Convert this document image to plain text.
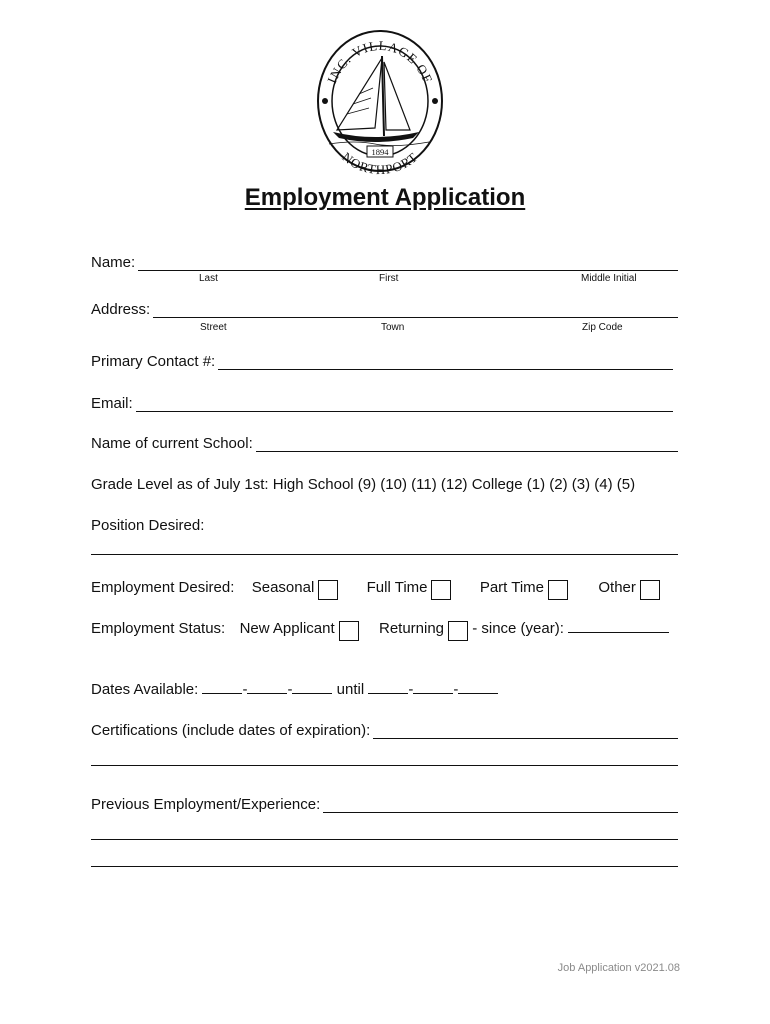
INC. VILLAGE OF
NORTHPORT
1894
Employment Application
Name:
Last	First	Middle Initial
Address:
Street	Town	Zip Code
Primary Contact #:
Email:
Name of current School:
Grade Level as of July 1st: High School (9) (10) (11) (12) College (1) (2) (3) (4) (5)
Position Desired:
Employment Desired: Seasonal	Full Time	Part Time	Other
Employment Status: New Applicant	Returning - since (year):
Dates Available:	-	-	until	-	-
Certifications (include dates of expiration):
Previous Employment/Experience:
Job Application v2021.08
